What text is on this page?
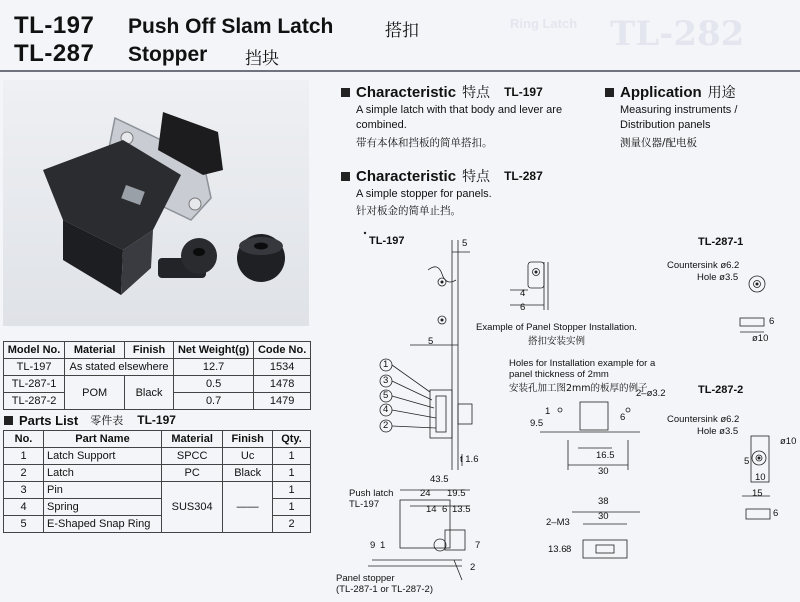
TL-282
Ring Latch
TL-197 Push Off Slam Latch	搭扣
TL-287 Stopper 挡块
Model No.	Material	Finish	Net Weight(g)	Code No.
TL-197	As stated elsewhere		12.7	1534
TL-287-1	POM	Black	0.5	1478
TL-287-2			0.7	1479
Parts List 零件表 TL-197
No.	Part Name	Material	Finish	Qty.
1	Latch Support	SPCC	Uc	1
2	Latch	PC	Black	1
3	Pin	SUS304	——	1
4	Spring			1
5	E-Shaped Snap Ring			2
Characteristic 特点 TL-197
A simple latch with that body and lever are
combined.
带有本体和挡板的简单搭扣。
Application 用途
Measuring instruments /
Distribution panels
测量仪器/配电板
Characteristic 特点 TL-287
A simple stopper for panels.
针对板金的简单止挡。
TL-197	TL-287-1
TL-287-2
Example of Panel Stopper Installation.
搭扣安装实例
Holes for Installation example for a
panel thickness of 2mm
安装孔加工图2mm的板厚的例子
Countersink ø6.2
Hole ø3.5
Countersink ø6.2
Hole ø3.5
Push latch
TL-197
Panel stopper
(TL-287-1 or TL-287-2)
2–ø3.2
2–M3
1
3
5
4
2
5
4
6
5
t 1.6
43.5
24 19.5
14 6 13.5
9 1	7
2
9.5
1
6
16.5
30
38
30
13.6 8
ø10
6
ø10
5
10
15
6
